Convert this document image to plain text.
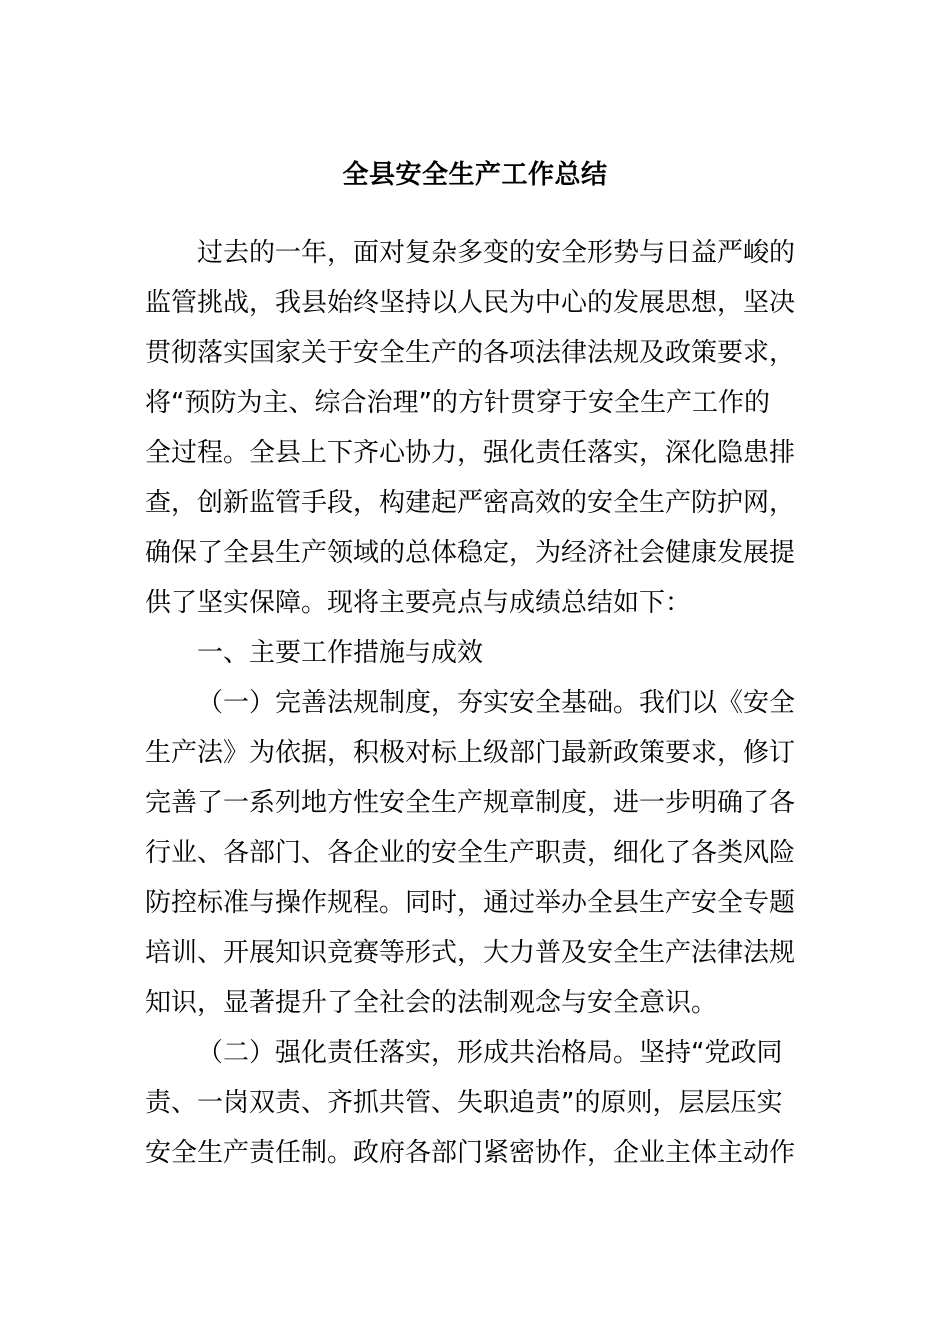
全县安全生产工作总结
过去的一年，面对复杂多变的安全形势与日益严峻的
监管挑战，我县始终坚持以人民为中心的发展思想，坚决
贯彻落实国家关于安全生产的各项法律法规及政策要求，
将“预防为主、综合治理”的方针贯穿于安全生产工作的
全过程。全县上下齐心协力，强化责任落实，深化隐患排
查，创新监管手段，构建起严密高效的安全生产防护网，
确保了全县生产领域的总体稳定，为经济社会健康发展提
供了坚实保障。现将主要亮点与成绩总结如下：
一、主要工作措施与成效
（一）完善法规制度，夯实安全基础。我们以《安全
生产法》为依据，积极对标上级部门最新政策要求，修订
完善了一系列地方性安全生产规章制度，进一步明确了各
行业、各部门、各企业的安全生产职责，细化了各类风险
防控标准与操作规程。同时，通过举办全县生产安全专题
培训、开展知识竞赛等形式，大力普及安全生产法律法规
知识，显著提升了全社会的法制观念与安全意识。
（二）强化责任落实，形成共治格局。坚持“党政同
责、一岗双责、齐抓共管、失职追责”的原则，层层压实
安全生产责任制。政府各部门紧密协作，企业主体主动作
